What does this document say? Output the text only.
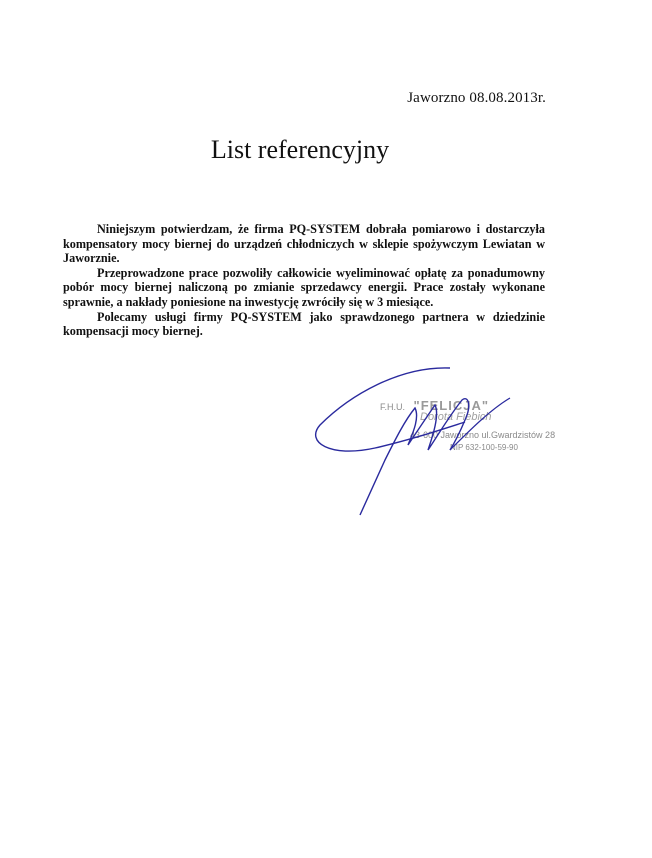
Jaworzno 08.08.2013r.
List referencyjny

Niniejszym potwierdzam, że firma PQ-SYSTEM dobrała pomiarowo i dostarczyła kompensatory mocy biernej do urządzeń chłodniczych w sklepie spożywczym Lewiatan w Jaworznie.

Przeprowadzone prace pozwoliły całkowicie wyeliminować opłatę za ponadumowny pobór mocy biernej naliczoną po zmianie sprzedawcy energii. Prace zostały wykonane sprawnie, a nakłady poniesione na inwestycję zwróciły się w 3 miesiące.

Polecamy usługi firmy PQ-SYSTEM jako sprawdzonego partnera w dziedzinie kompensacji mocy biernej.

F.H.U. "FELICJA"
Dorota Fiebich
43-600 Jaworzno ul.Gwardzistów 28
NIP 632-100-59-90
